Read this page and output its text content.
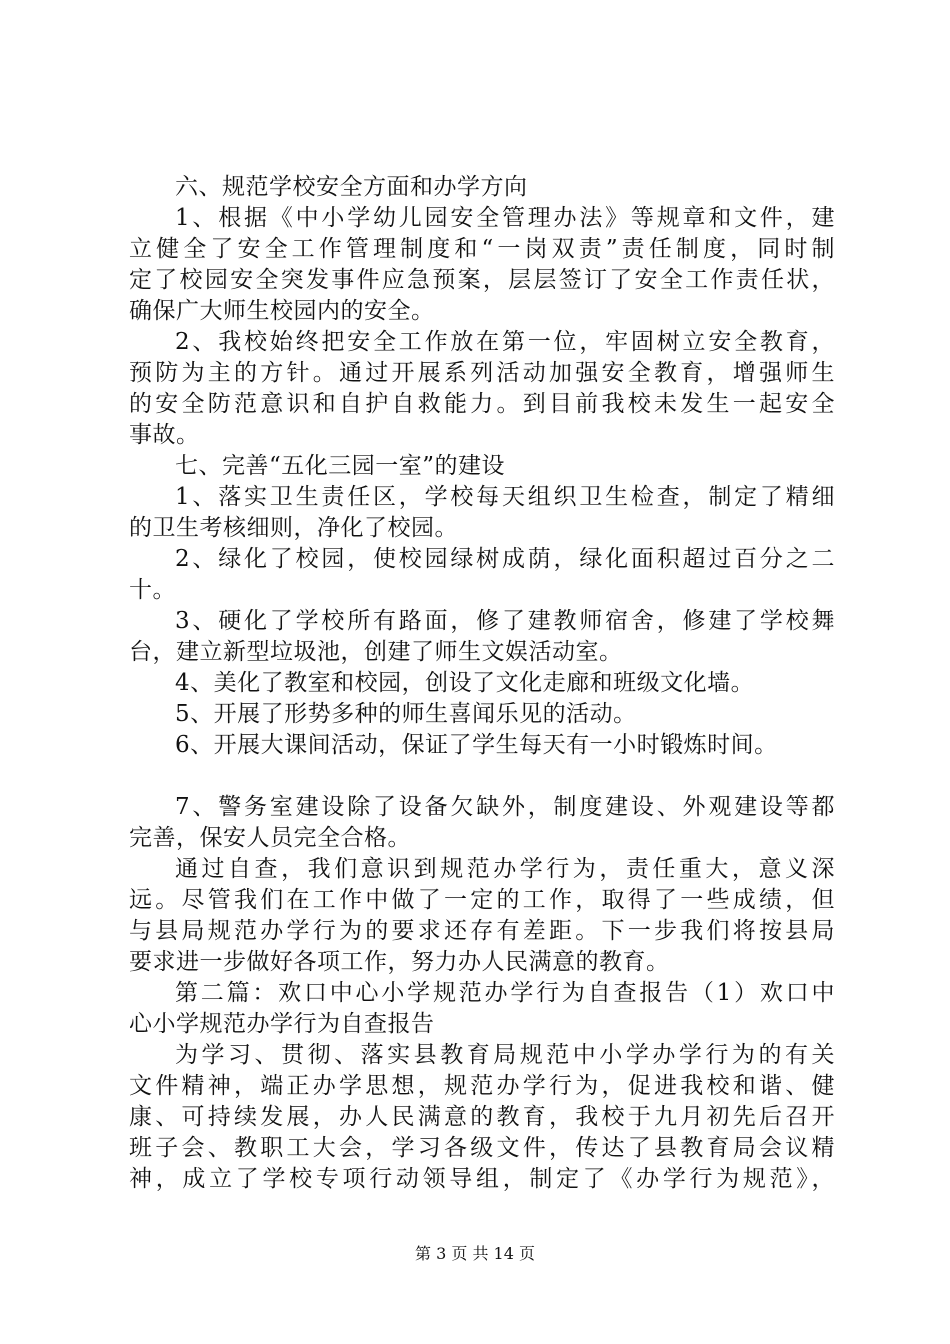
六、规范学校安全方面和办学方向
1、根据《中小学幼儿园安全管理办法》等规章和文件，建
立健全了安全工作管理制度和“一岗双责”责任制度，同时制
定了校园安全突发事件应急预案，层层签订了安全工作责任状，
确保广大师生校园内的安全。
2、我校始终把安全工作放在第一位，牢固树立安全教育，
预防为主的方针。通过开展系列活动加强安全教育，增强师生
的安全防范意识和自护自救能力。到目前我校未发生一起安全
事故。
七、完善“五化三园一室”的建设
1、落实卫生责任区，学校每天组织卫生检查，制定了精细
的卫生考核细则，净化了校园。
2、绿化了校园，使校园绿树成荫，绿化面积超过百分之二
十。
3、硬化了学校所有路面，修了建教师宿舍，修建了学校舞
台，建立新型垃圾池，创建了师生文娱活动室。
4、美化了教室和校园，创设了文化走廊和班级文化墙。
5、开展了形势多种的师生喜闻乐见的活动。
6、开展大课间活动，保证了学生每天有一小时锻炼时间。
7、警务室建设除了设备欠缺外，制度建设、外观建设等都
完善，保安人员完全合格。
通过自查，我们意识到规范办学行为，责任重大，意义深
远。尽管我们在工作中做了一定的工作，取得了一些成绩，但
与县局规范办学行为的要求还存有差距。下一步我们将按县局
要求进一步做好各项工作，努力办人民满意的教育。
第二篇：欢口中心小学规范办学行为自查报告（1）欢口中
心小学规范办学行为自查报告
为学习、贯彻、落实县教育局规范中小学办学行为的有关
文件精神，端正办学思想，规范办学行为，促进我校和谐、健
康、可持续发展，办人民满意的教育，我校于九月初先后召开
班子会、教职工大会，学习各级文件，传达了县教育局会议精
神，成立了学校专项行动领导组，制定了《办学行为规范》，
第 3 页 共 14 页
